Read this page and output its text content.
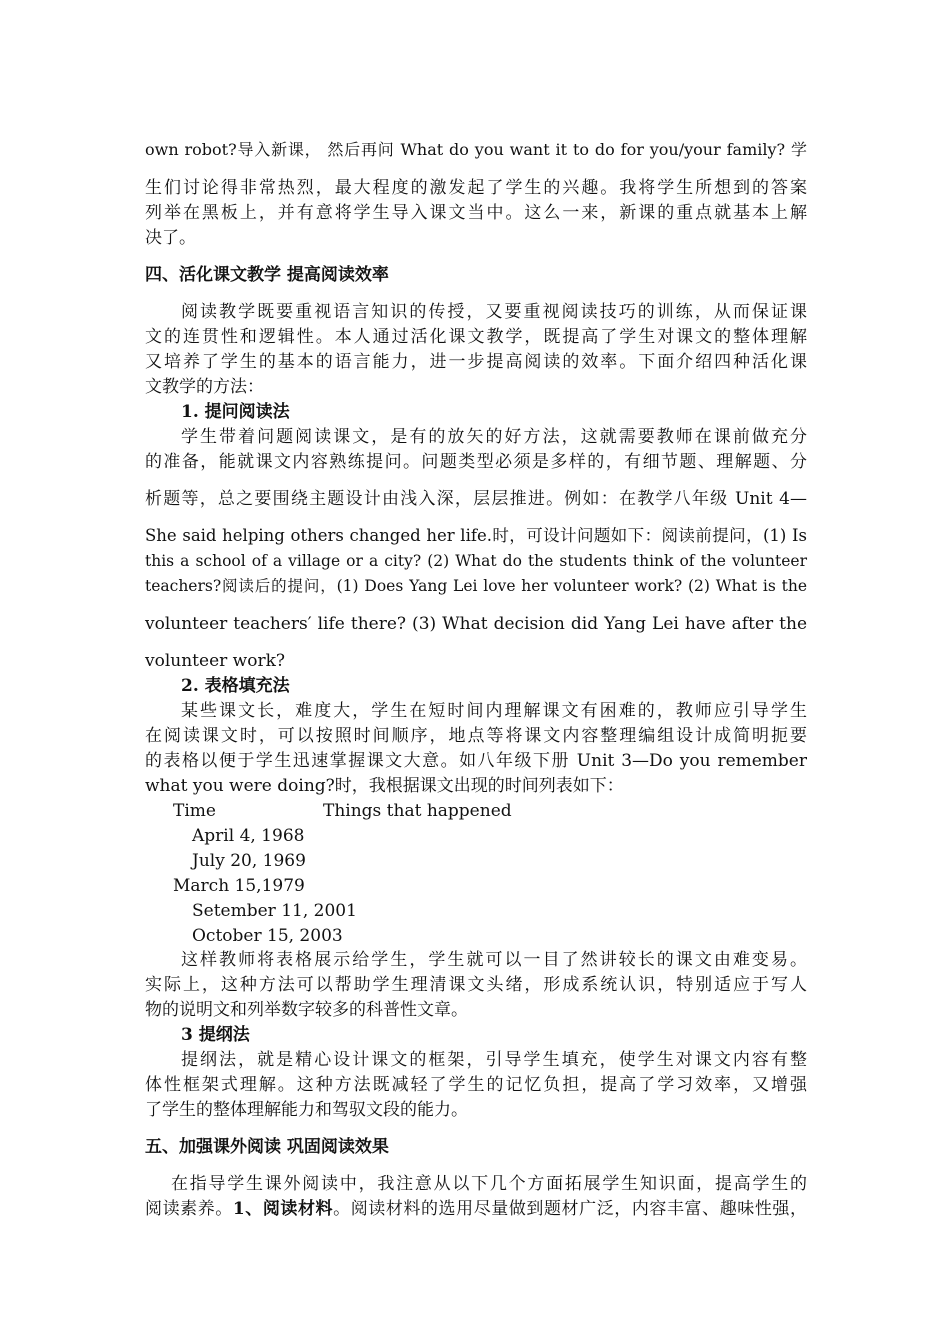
own robot?导入新课， 然后再问 What do you want it to do for you/your family? 学
生们讨论得非常热烈，最大程度的激发起了学生的兴趣。我将学生所想到的答案
列举在黑板上，并有意将学生导入课文当中。这么一来，新课的重点就基本上解
决了。
四、活化课文教学 提高阅读效率
阅读教学既要重视语言知识的传授，又要重视阅读技巧的训练，从而保证课
文的连贯性和逻辑性。本人通过活化课文教学，既提高了学生对课文的整体理解
又培养了学生的基本的语言能力，进一步提高阅读的效率。下面介绍四种活化课
文教学的方法：
1. 提问阅读法
学生带着问题阅读课文，是有的放矢的好方法，这就需要教师在课前做充分
的准备，能就课文内容熟练提问。问题类型必须是多样的，有细节题、理解题、分
析题等，总之要围绕主题设计由浅入深，层层推进。例如：在教学八年级 Unit 4—
She said helping others changed her life.时，可设计问题如下：阅读前提问，(1) Is
this a school of a village or a city? (2) What do the students think of the volunteer
teachers?阅读后的提问，(1) Does Yang Lei love her volunteer work? (2) What is the
volunteer teachers′ life there? (3) What decision did Yang Lei have after the
volunteer work?
2. 表格填充法
某些课文长，难度大，学生在短时间内理解课文有困难的，教师应引导学生
在阅读课文时，可以按照时间顺序，地点等将课文内容整理编组设计成简明扼要
的表格以便于学生迅速掌握课文大意。如八年级下册 Unit 3—Do you remember
what you were doing?时，我根据课文出现的时间列表如下：
Time	Things that happened
April 4, 1968
July 20, 1969
March 15,1979
Setember 11, 2001
October 15, 2003
这样教师将表格展示给学生，学生就可以一目了然讲较长的课文由难变易。
实际上，这种方法可以帮助学生理清课文头绪，形成系统认识，特别适应于写人
物的说明文和列举数字较多的科普性文章。
3 提纲法
提纲法，就是精心设计课文的框架，引导学生填充，使学生对课文内容有整
体性框架式理解。这种方法既减轻了学生的记忆负担，提高了学习效率，又增强
了学生的整体理解能力和驾驭文段的能力。
五、加强课外阅读 巩固阅读效果
在指导学生课外阅读中，我注意从以下几个方面拓展学生知识面，提高学生的
阅读素养。1、阅读材料。阅读材料的选用尽量做到题材广泛，内容丰富、趣味性强，
